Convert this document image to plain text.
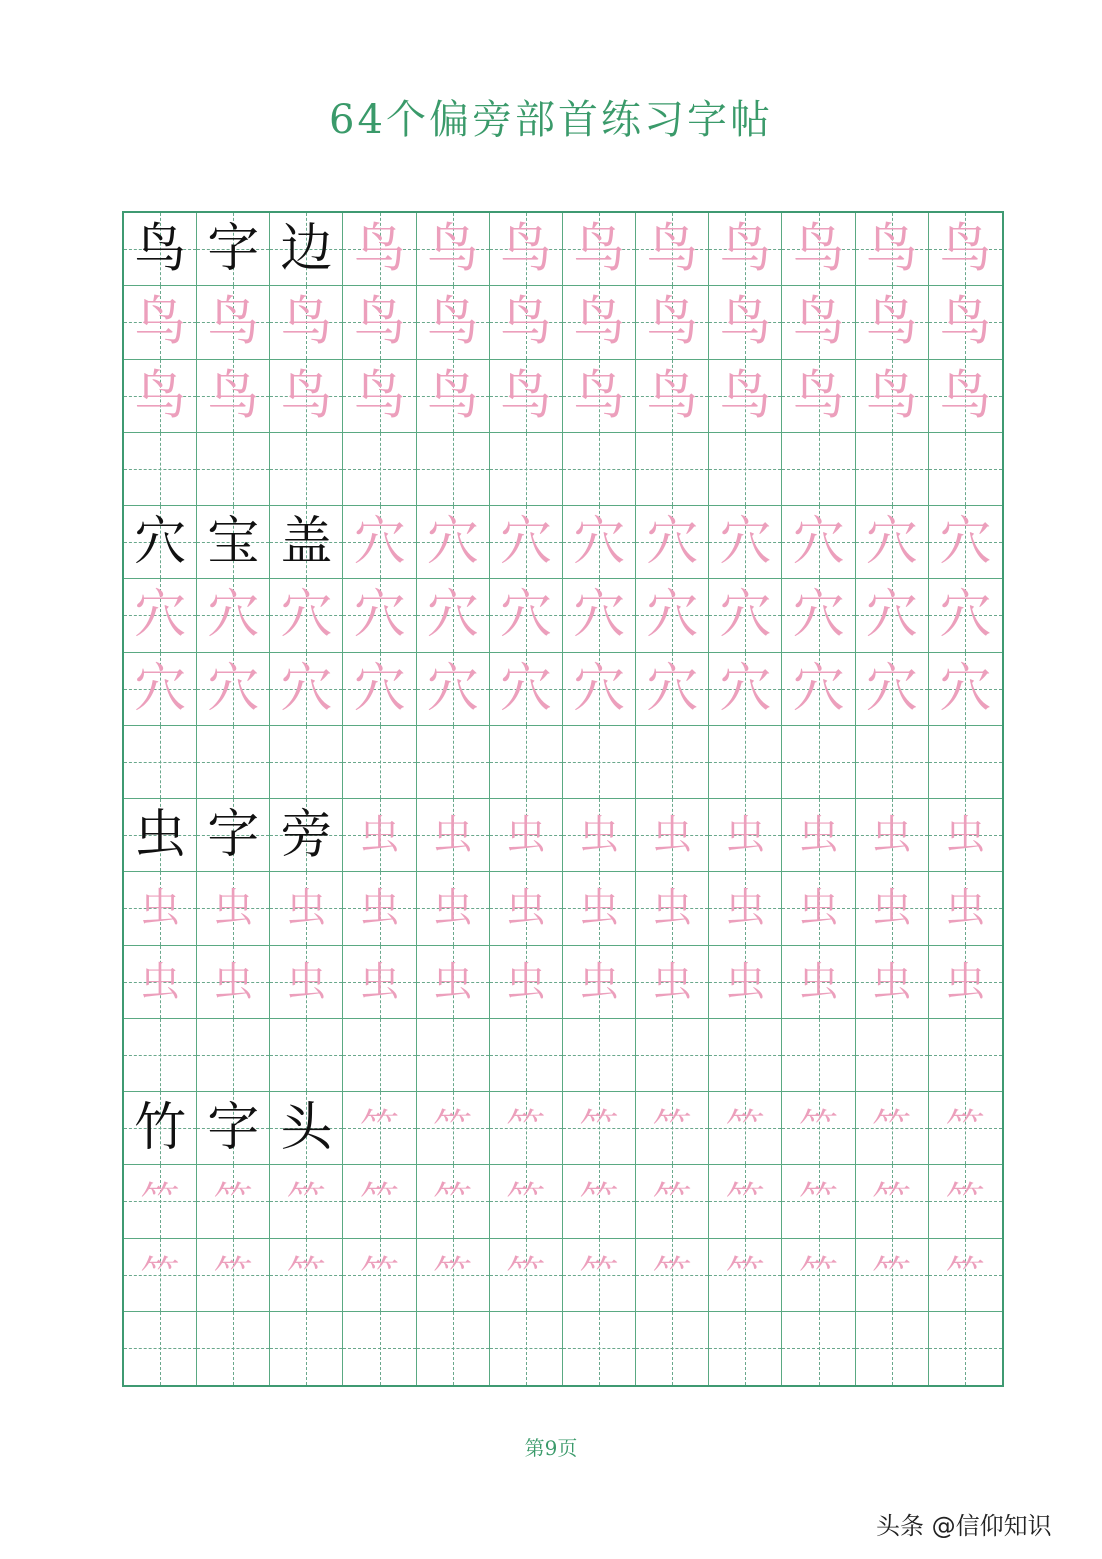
64个偏旁部首练习字帖
鸟 字 边 鸟 鸟 鸟 鸟 鸟 鸟 鸟 鸟 鸟
鸟 鸟 鸟 鸟 鸟 鸟 鸟 鸟 鸟 鸟 鸟 鸟
鸟 鸟 鸟 鸟 鸟 鸟 鸟 鸟 鸟 鸟 鸟 鸟
穴 宝 盖 穴 穴 穴 穴 穴 穴 穴 穴 穴
穴 穴 穴 穴 穴 穴 穴 穴 穴 穴 穴 穴
穴 穴 穴 穴 穴 穴 穴 穴 穴 穴 穴 穴
虫 字 旁 虫 虫 虫 虫 虫 虫 虫 虫 虫
虫 虫 虫 虫 虫 虫 虫 虫 虫 虫 虫 虫
虫 虫 虫 虫 虫 虫 虫 虫 虫 虫 虫 虫
竹 字 头 ⺮ ⺮ ⺮ ⺮ ⺮ ⺮ ⺮ ⺮ ⺮
⺮ ⺮ ⺮ ⺮ ⺮ ⺮ ⺮ ⺮ ⺮ ⺮ ⺮ ⺮
⺮ ⺮ ⺮ ⺮ ⺮ ⺮ ⺮ ⺮ ⺮ ⺮ ⺮ ⺮
第9页
头条 @信仰知识
